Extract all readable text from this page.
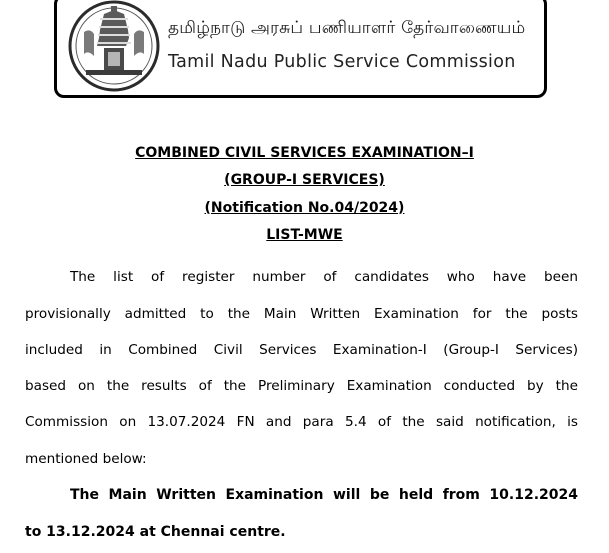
தமிழ்நாடு அரசுப் பணியாளர் தேர்வாணையம்
Tamil Nadu Public Service Commission
COMBINED CIVIL SERVICES EXAMINATION–I
(GROUP-I SERVICES)
(Notification No.04/2024)
LIST-MWE
The list of register number of candidates who have been
provisionally admitted to the Main Written Examination for the posts
included in Combined Civil Services Examination-I (Group-I Services)
based on the results of the Preliminary Examination conducted by the
Commission on 13.07.2024 FN and para 5.4 of the said notification, is
mentioned below:
The Main Written Examination will be held from 10.12.2024
to 13.12.2024 at Chennai centre.
